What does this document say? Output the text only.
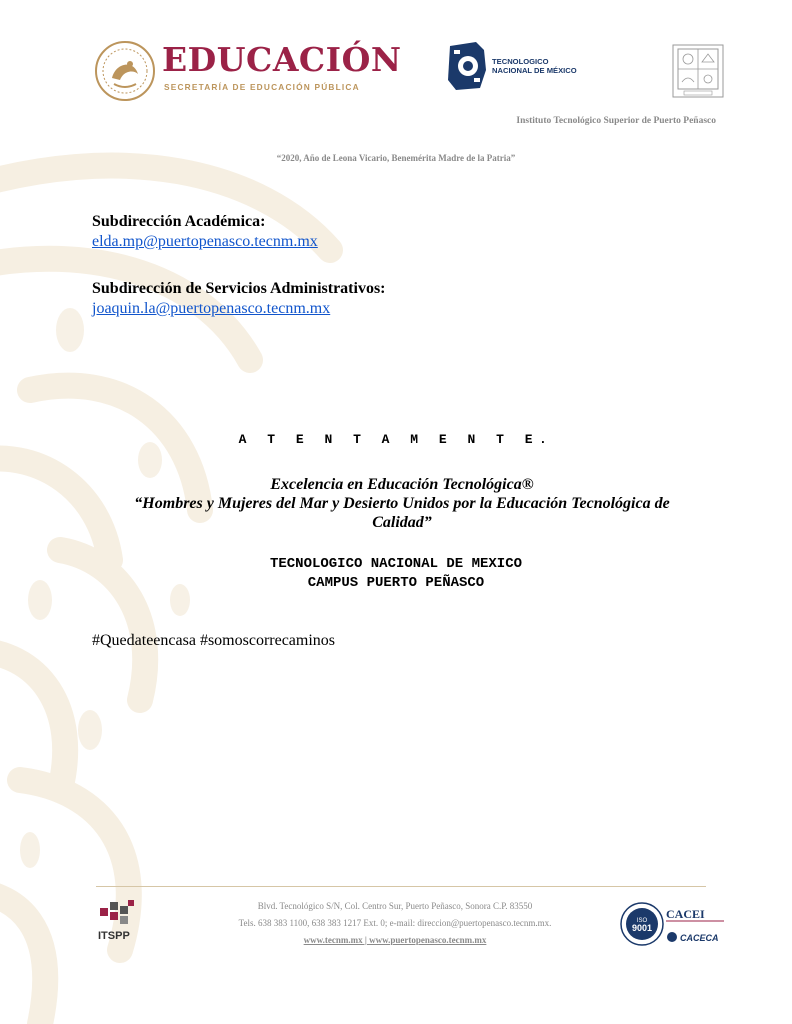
EDUCACIÓN
SECRETARÍA DE EDUCACIÓN PÚBLICA
TECNOLOGICO
NACIONAL DE MÉXICO
Instituto Tecnológico Superior de Puerto Peñasco
“2020, Año de Leona Vicario, Benemérita Madre de la Patria”
Subdirección Académica:
elda.mp@puertopenasco.tecnm.mx
Subdirección de Servicios Administrativos:
joaquin.la@puertopenasco.tecnm.mx
A T E N T A M E N T E.
Excelencia en Educación Tecnológica®
“Hombres y Mujeres del Mar y Desierto Unidos por la Educación Tecnológica de Calidad”
TECNOLOGICO NACIONAL DE MEXICO
CAMPUS PUERTO PEÑASCO
#Quedateencasa #somoscorrecaminos
ITSPP
Blvd. Tecnológico S/N, Col. Centro Sur, Puerto Peñasco, Sonora C.P. 83550
Tels. 638 383 1100, 638 383 1217 Ext. 0; e-mail: direccion@puertopenasco.tecnm.mx.
www.tecnm.mx | www.puertopenasco.tecnm.mx
ISO
9001
CACEI
CACECA
